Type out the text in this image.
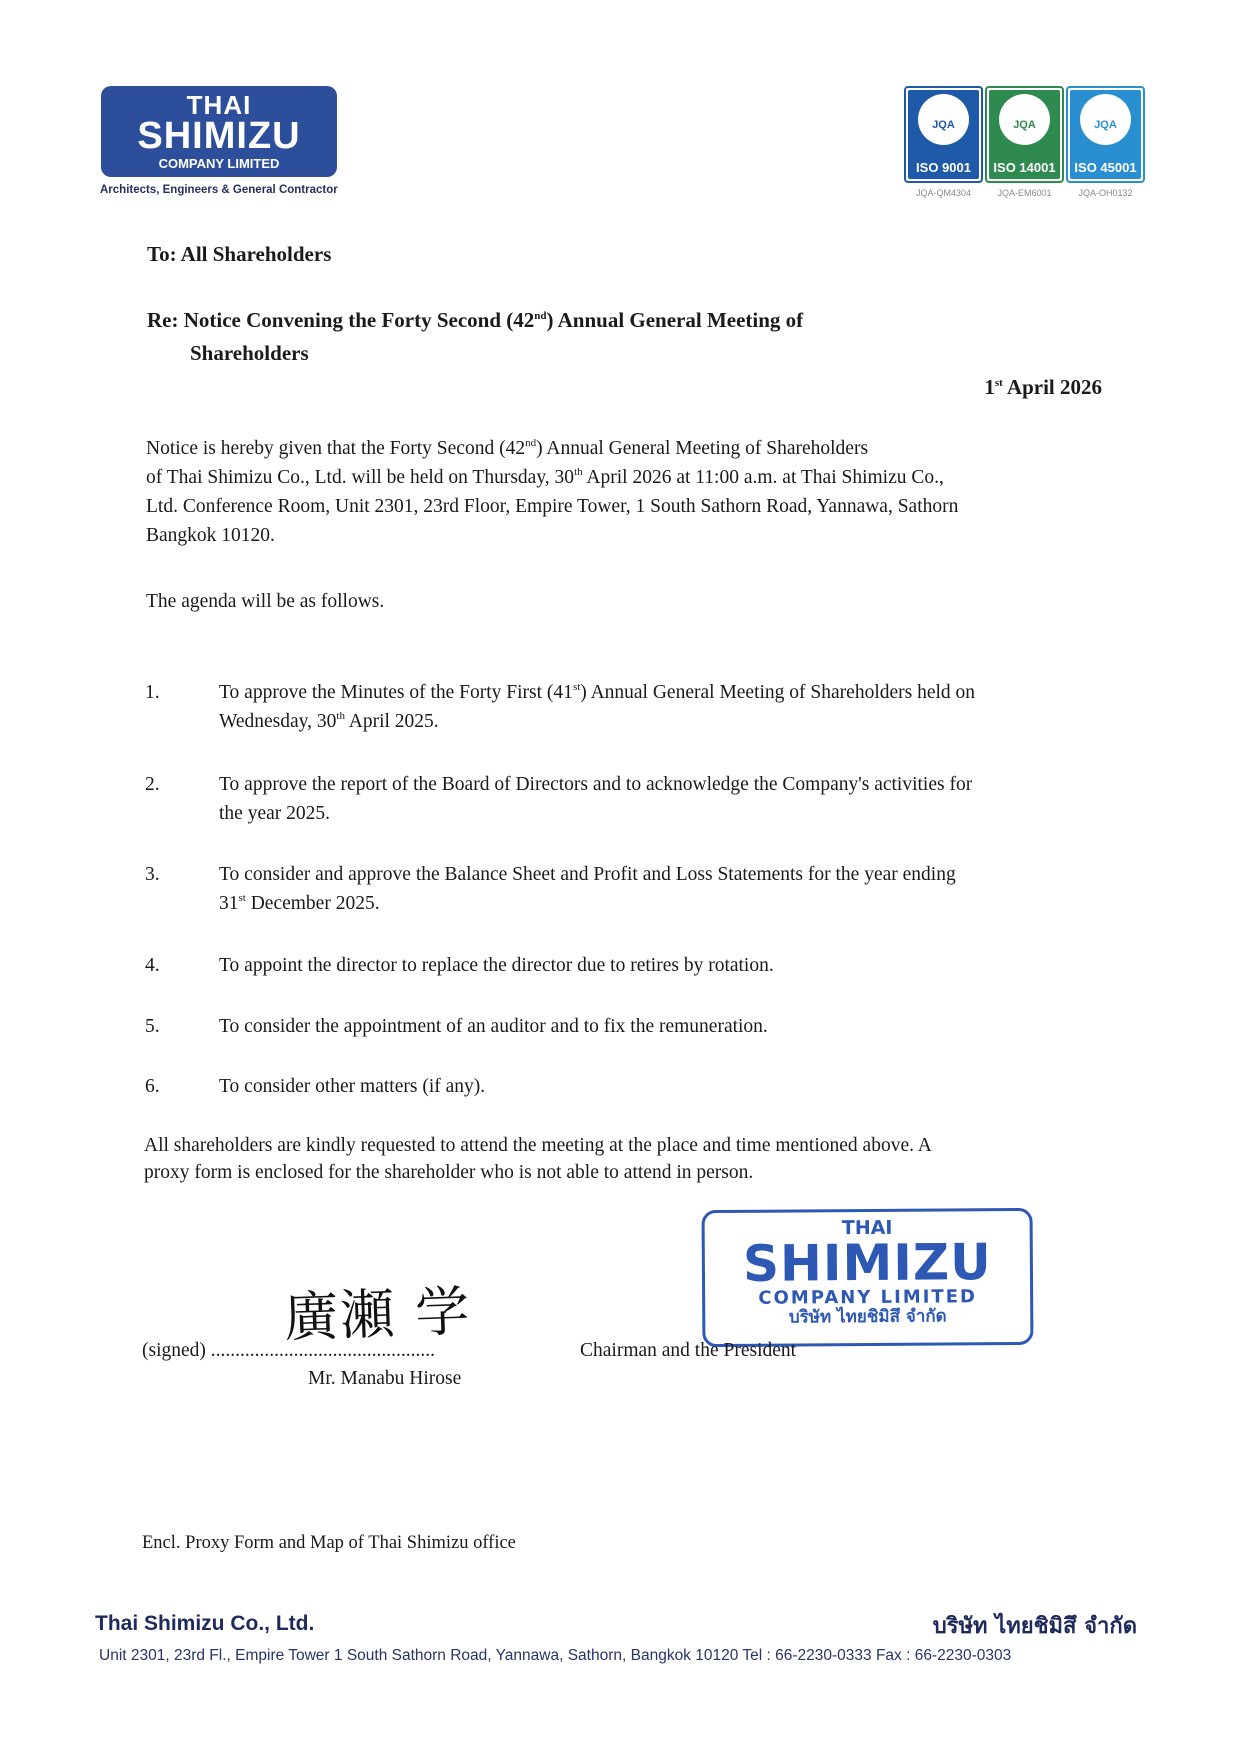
THAI
SHIMIZU
COMPANY LIMITED
Architects, Engineers & General Contractor
JQA
ISO 9001
JQA-QM4304
JQA
ISO 14001
JQA-EM6001
JQA
ISO 45001
JQA-OH0132
To: All Shareholders
Re: Notice Convening the Forty Second (42nd) Annual General Meeting of
Shareholders
1st April 2026
Notice is hereby given that the Forty Second (42nd) Annual General Meeting of Shareholders
of Thai Shimizu Co., Ltd. will be held on Thursday, 30th April 2026 at 11:00 a.m. at Thai Shimizu Co.,
Ltd. Conference Room, Unit 2301, 23rd Floor, Empire Tower, 1 South Sathorn Road, Yannawa, Sathorn
Bangkok 10120.
The agenda will be as follows.
1.	To approve the Minutes of the Forty First (41st) Annual General Meeting of Shareholders held on
Wednesday, 30th April 2025.
2.	To approve the report of the Board of Directors and to acknowledge the Company's activities for
the year 2025.
3.	To consider and approve the Balance Sheet and Profit and Loss Statements for the year ending
31st December 2025.
4.	To appoint the director to replace the director due to retires by rotation.
5.	To consider the appointment of an auditor and to fix the remuneration.
6.	To consider other matters (if any).
All shareholders are kindly requested to attend the meeting at the place and time mentioned above. A
proxy form is enclosed for the shareholder who is not able to attend in person.
THAI
SHIMIZU
COMPANY LIMITED
บริษัท ไทยชิมิสึ จำกัด
廣瀬 学
(signed) ..............................................	Chairman and the President
Mr. Manabu Hirose
Encl. Proxy Form and Map of Thai Shimizu office
Thai Shimizu Co., Ltd.	บริษัท ไทยชิมิสึ จำกัด
Unit 2301, 23rd Fl., Empire Tower 1 South Sathorn Road, Yannawa, Sathorn, Bangkok 10120 Tel : 66-2230-0333 Fax : 66-2230-0303
